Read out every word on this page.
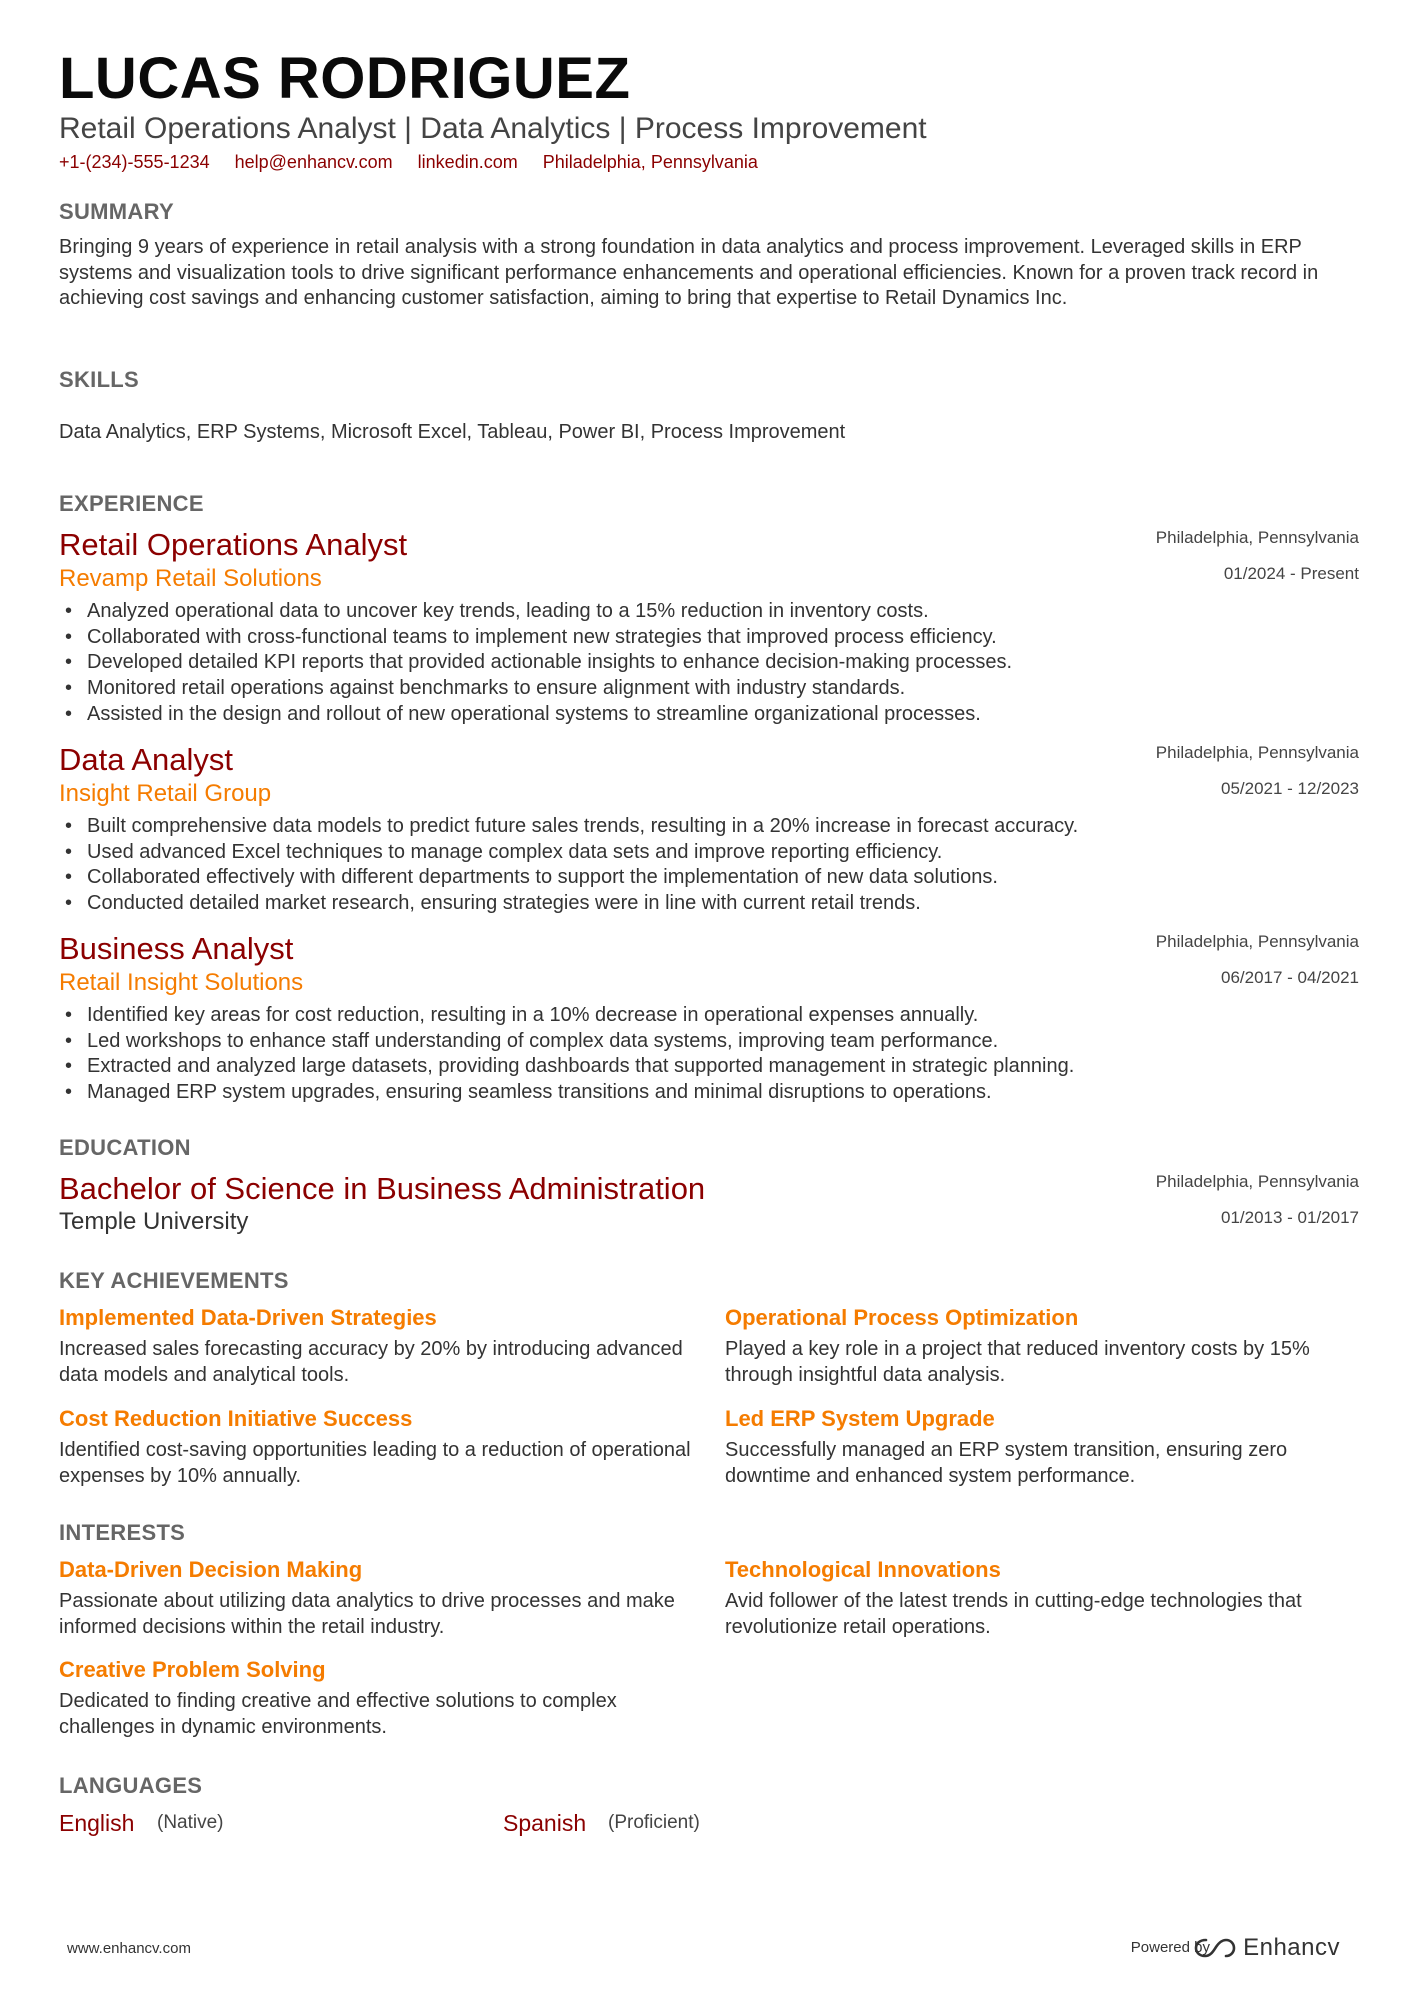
LUCAS RODRIGUEZ
Retail Operations Analyst | Data Analytics | Process Improvement
+1-(234)-555-1234 help@enhancv.com linkedin.com Philadelphia, Pennsylvania
SUMMARY
Bringing 9 years of experience in retail analysis with a strong foundation in data analytics and process improvement. Leveraged skills in ERP systems and visualization tools to drive significant performance enhancements and operational efficiencies. Known for a proven track record in achieving cost savings and enhancing customer satisfaction, aiming to bring that expertise to Retail Dynamics Inc.
SKILLS
Data Analytics, ERP Systems, Microsoft Excel, Tableau, Power BI, Process Improvement
EXPERIENCE
Retail Operations Analyst	Philadelphia, Pennsylvania
Revamp Retail Solutions	01/2024 - Present
• Analyzed operational data to uncover key trends, leading to a 15% reduction in inventory costs.
• Collaborated with cross-functional teams to implement new strategies that improved process efficiency.
• Developed detailed KPI reports that provided actionable insights to enhance decision-making processes.
• Monitored retail operations against benchmarks to ensure alignment with industry standards.
• Assisted in the design and rollout of new operational systems to streamline organizational processes.
Data Analyst	Philadelphia, Pennsylvania
Insight Retail Group	05/2021 - 12/2023
• Built comprehensive data models to predict future sales trends, resulting in a 20% increase in forecast accuracy.
• Used advanced Excel techniques to manage complex data sets and improve reporting efficiency.
• Collaborated effectively with different departments to support the implementation of new data solutions.
• Conducted detailed market research, ensuring strategies were in line with current retail trends.
Business Analyst	Philadelphia, Pennsylvania
Retail Insight Solutions	06/2017 - 04/2021
• Identified key areas for cost reduction, resulting in a 10% decrease in operational expenses annually.
• Led workshops to enhance staff understanding of complex data systems, improving team performance.
• Extracted and analyzed large datasets, providing dashboards that supported management in strategic planning.
• Managed ERP system upgrades, ensuring seamless transitions and minimal disruptions to operations.
EDUCATION
Bachelor of Science in Business Administration	Philadelphia, Pennsylvania
Temple University	01/2013 - 01/2017
KEY ACHIEVEMENTS
Implemented Data-Driven Strategies
Increased sales forecasting accuracy by 20% by introducing advanced data models and analytical tools.
Operational Process Optimization
Played a key role in a project that reduced inventory costs by 15% through insightful data analysis.
Cost Reduction Initiative Success
Identified cost-saving opportunities leading to a reduction of operational expenses by 10% annually.
Led ERP System Upgrade
Successfully managed an ERP system transition, ensuring zero downtime and enhanced system performance.
INTERESTS
Data-Driven Decision Making
Passionate about utilizing data analytics to drive processes and make informed decisions within the retail industry.
Technological Innovations
Avid follower of the latest trends in cutting-edge technologies that revolutionize retail operations.
Creative Problem Solving
Dedicated to finding creative and effective solutions to complex challenges in dynamic environments.
LANGUAGES
English (Native)	Spanish (Proficient)
www.enhancv.com	Powered by Enhancv
